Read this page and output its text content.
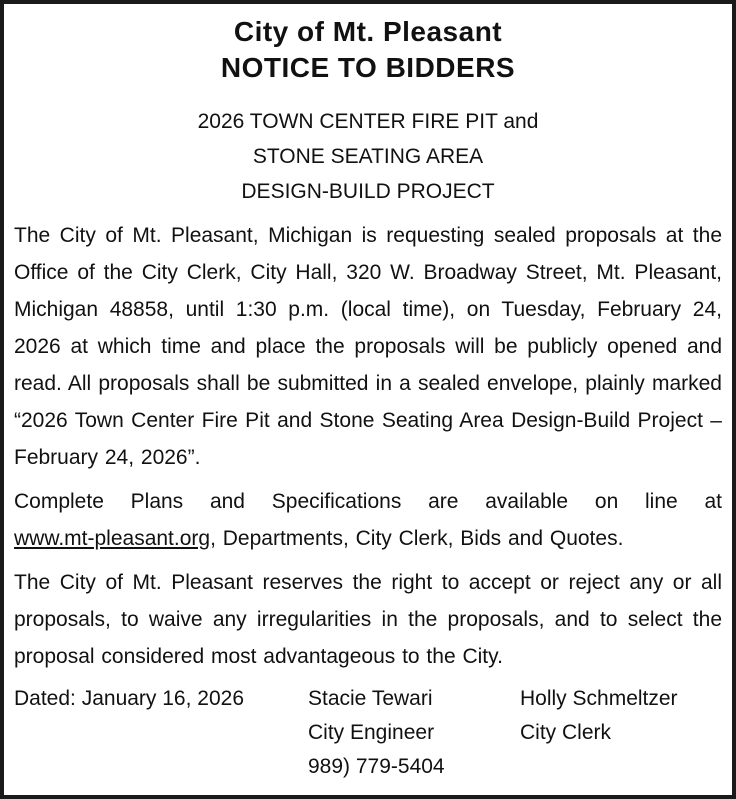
City of Mt. Pleasant
NOTICE TO BIDDERS
2026 TOWN CENTER FIRE PIT and
STONE SEATING AREA
DESIGN-BUILD PROJECT

The City of Mt. Pleasant, Michigan is requesting sealed proposals at the Office of the City Clerk, City Hall, 320 W. Broadway Street, Mt. Pleasant, Michigan 48858, until 1:30 p.m. (local time), on Tuesday, February 24, 2026 at which time and place the proposals will be publicly opened and read. All proposals shall be submitted in a sealed envelope, plainly marked “2026 Town Center Fire Pit and Stone Seating Area Design-Build Project – February 24, 2026”.

Complete Plans and Specifications are available on line at
www.mt-pleasant.org, Departments, City Clerk, Bids and Quotes.

The City of Mt. Pleasant reserves the right to accept or reject any or all proposals, to waive any irregularities in the proposals, and to select the proposal considered most advantageous to the City.

Dated: January 16, 2026	Stacie Tewari
City Engineer
989) 779-5404
Holly Schmeltzer
City Clerk
